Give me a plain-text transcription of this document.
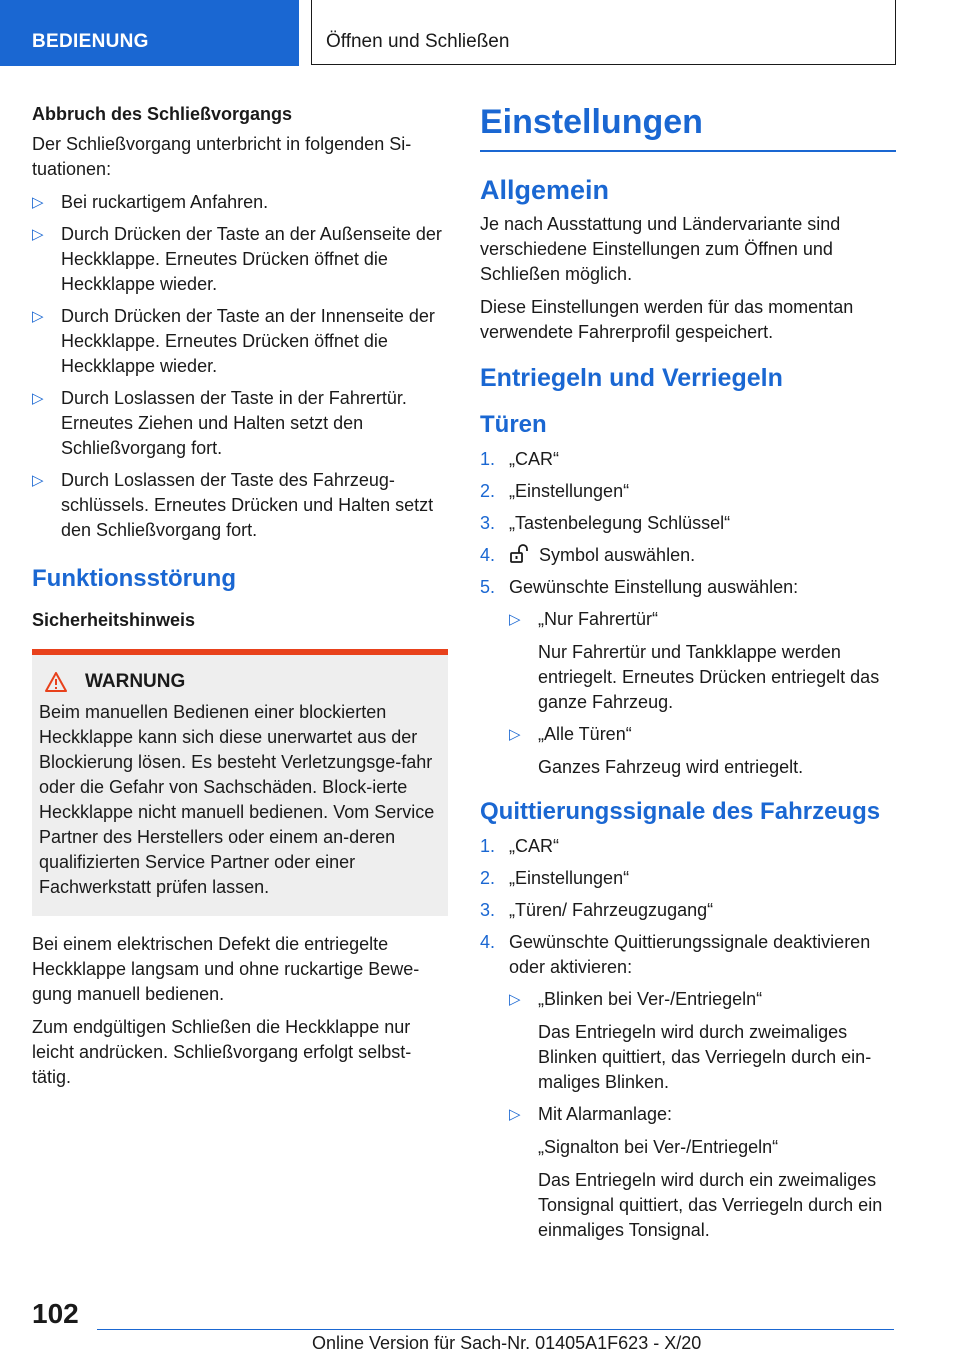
BEDIENUNG	Öffnen und Schließen

Abbruch des Schließvorgangs

Der Schließvorgang unterbricht in folgenden Si-tuationen:

▷ Bei ruckartigem Anfahren.
▷ Durch Drücken der Taste an der Außenseite der Heckklappe. Erneutes Drücken öffnet die Heckklappe wieder.
▷ Durch Drücken der Taste an der Innenseite der Heckklappe. Erneutes Drücken öffnet die Heckklappe wieder.
▷ Durch Loslassen der Taste in der Fahrertür. Erneutes Ziehen und Halten setzt den Schließvorgang fort.
▷ Durch Loslassen der Taste des Fahrzeug-schlüssels. Erneutes Drücken und Halten setzt den Schließvorgang fort.
Funktionsstörung

Sicherheitshinweis

WARNUNG

Beim manuellen Bedienen einer blockierten Heckklappe kann sich diese unerwartet aus der Blockierung lösen. Es besteht Verletzungsge-fahr oder die Gefahr von Sachschäden. Block-ierte Heckklappe nicht manuell bedienen. Vom Service Partner des Herstellers oder einem an-deren qualifizierten Service Partner oder einer Fachwerkstatt prüfen lassen.

Bei einem elektrischen Defekt die entriegelte Heckklappe langsam und ohne ruckartige Bewe-gung manuell bedienen.

Zum endgültigen Schließen die Heckklappe nur leicht andrücken. Schließvorgang erfolgt selbst-tätig.

Einstellungen
Allgemein

Je nach Ausstattung und Ländervariante sind verschiedene Einstellungen zum Öffnen und Schließen möglich.

Diese Einstellungen werden für das momentan verwendete Fahrerprofil gespeichert.

Entriegeln und Verriegeln
Türen
1. „CAR“
2. „Einstellungen“
3. „Tastenbelegung Schlüssel“
4. Symbol auswählen.
5. Gewünschte Einstellung auswählen:
▷ „Nur Fahrertür“

Nur Fahrertür und Tankklappe werden entriegelt. Erneutes Drücken entriegelt das ganze Fahrzeug.

▷ „Alle Türen“

Ganzes Fahrzeug wird entriegelt.

Quittierungssignale des Fahrzeugs
1. „CAR“
2. „Einstellungen“
3. „Türen/ Fahrzeugzugang“
4. Gewünschte Quittierungssignale deaktivieren oder aktivieren:
▷ „Blinken bei Ver-/Entriegeln“

Das Entriegeln wird durch zweimaliges Blinken quittiert, das Verriegeln durch ein-maliges Blinken.

▷ Mit Alarmanlage:

„Signalton bei Ver-/Entriegeln“

Das Entriegeln wird durch ein zweimaliges Tonsignal quittiert, das Verriegeln durch ein einmaliges Tonsignal.

102
Online Version für Sach-Nr. 01405A1F623 - X/20
